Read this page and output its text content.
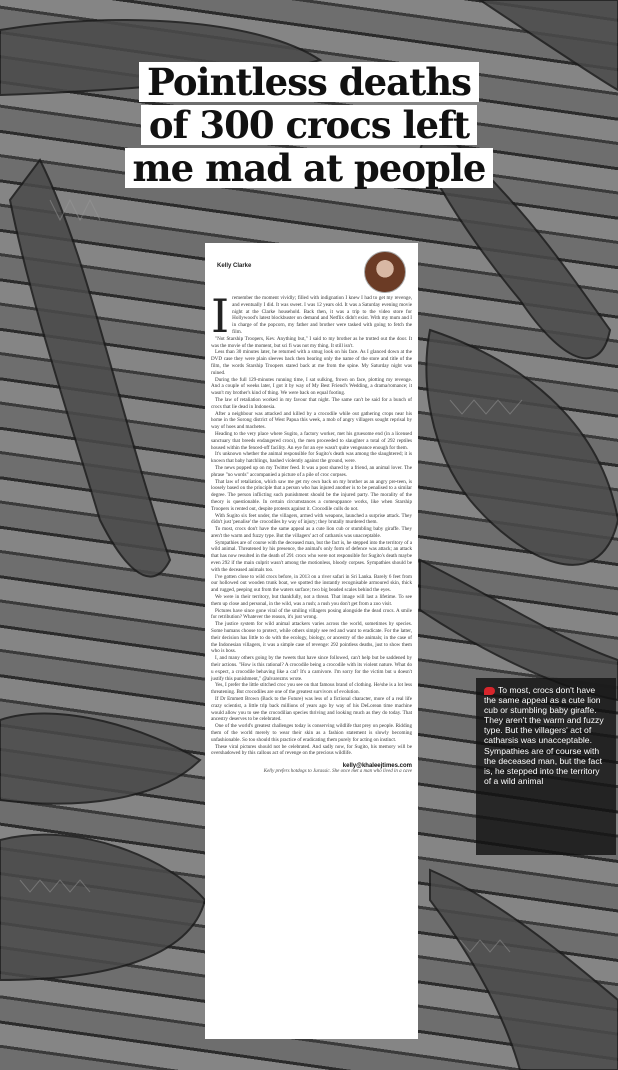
Pointless deaths
of 300 crocs left
me mad at people
Kelly Clarke
I remember the moment vividly; filled with indignation I knew I had to get my revenge, and eventually I did. It was sweet. I was 12 years old. It was a Saturday evening movie night at the Clarke household. Back then, it was a trip to the video store for Hollywood's latest blockbuster on demand and Netflix didn't exist. With my mum and I in charge of the popcorn, my father and brother were tasked with going to fetch the film.

"Not Starship Troopers, Kev. Anything but," I said to my brother as he trotted out the door. It was the movie of the moment, but sci fi was not my thing. It still isn't.

Less than 30 minutes later, he returned with a smug look on his face. As I glanced down at the DVD case they were plain sleeves back then bearing only the name of the store and title of the film, the words Starship Troopers stared back at me from the spine. My Saturday night was ruined.

During the full 129-minutes running time, I sat sulking, frown on face, plotting my revenge. And a couple of weeks later, I got it by way of My Best Friend's Wedding, a drama/romance; it wasn't my brother's kind of thing. We were back on equal footing.

The law of retaliation worked in my favour that night. The same can't be said for a bunch of crocs that lie dead in Indonesia.

After a neighbour was attacked and killed by a crocodile while out gathering crops near his home in the Sorong district of West Papua this week, a mob of angry villagers sought reprisal by way of hoes and machetes.

Heading to the very place where Sugito, a factory worker, met his gruesome end (in a licensed sanctuary that breeds endangered crocs), the men proceeded to slaughter a total of 292 reptiles housed within the fenced-off facility. An eye for an eye wasn't quite vengeance enough for them.

It's unknown whether the animal responsible for Sugito's death was among the slaughtered; it is known that baby hatchlings, bashed violently against the ground, were.

The news popped up on my Twitter feed. It was a post shared by a friend, an animal lover. The phrase "no words" accompanied a picture of a pile of croc corpses.

That law of retaliation, which saw me get my own back on my brother as an angry pre-teen, is loosely based on the principle that a person who has injured another is to be penalised to a similar degree. The person inflicting such punishment should be the injured party. The morality of the theory is questionable. In certain circumstances a comeuppance works, like when Starship Troopers is rented out, despite protests against it. Crocodile culls do not.

With Sugito six feet under, the villagers, armed with weapons, launched a surprise attack. They didn't just 'penalise' the crocodiles by way of injury; they brutally murdered them.

To most, crocs don't have the same appeal as a cute lion cub or stumbling baby giraffe. They aren't the warm and fuzzy type. But the villagers' act of catharsis was unacceptable.

Sympathies are of course with the deceased man, but the fact is, he stepped into the territory of a wild animal. Threatened by his presence, the animal's only form of defence was attack; an attack that has now resulted in the death of 291 crocs who were not responsible for Sugito's death maybe even 292 if the main culprit wasn't among the motionless, bloody corpses. Sympathies should be with the deceased animals too.

I've gotten close to wild crocs before, in 2013 on a river safari in Sri Lanka. Barely 6 feet from our hollowed out wooden trunk boat, we spotted the instantly recognisable armoured skin, thick and rugged, peeping out from the waters surface; two big beaded scales behind the eyes.

We were in their territory, but thankfully, not a threat. That image will last a lifetime. To see them up close and personal, in the wild, was a rush; a rush you don't get from a zoo visit.

Pictures have since gone viral of the smiling villagers posing alongside the dead crocs. A smile for retribution? Whatever the reason, it's just wrong.

The justice system for wild animal attackers varies across the world, sometimes by species. Some humans choose to protect, while others simply see red and want to eradicate. For the latter, their decision has little to do with the ecology, biology, or ancestry of the animals; in the case of the Indonesian villagers, it was a simple case of revenge: 292 pointless deaths, just to show them who is boss.

I, and many others going by the tweets that have since followed, can't help but be saddened by their actions. "How is this rational? A crocodile being a crocodile with its violent nature. What do u expect, a crocodile behaving like a cat? It's a carnivore. I'm sorry for the victim but u doesn't justify this punishment," @alvarezmx wrote.

Yes, I prefer the little stitched croc you see on that famous brand of clothing. He/she is a lot less threatening. But crocodiles are one of the greatest survivors of evolution.

If Dr Emmett Brown (Back to the Future) was less of a fictional character, more of a real life crazy scientist, a little trip back millions of years ago by way of his DeLorean time machine would allow you to see the crocodilian species thriving and looking much as they do today. That ancestry deserves to be celebrated.

One of the world's greatest challenges today is conserving wildlife that prey on people. Ridding them of the world merely to wear their skin as a fashion statement is slowly becoming unfashionable. So too should this practice of eradicating them purely for acting on instinct.

These viral pictures should not be celebrated. And sadly now, for Sugito, his memory will be overshadowed by this callous act of revenge on the precious wildlife.

kelly@khaleejtimes.com
Kelly prefers hotdogs to Jurassic. She once met a man who lived in a cave
To most, crocs don't have the same appeal as a cute lion cub or stumbling baby giraffe. They aren't the warm and fuzzy type. But the villagers' act of catharsis was unacceptable. Sympathies are of course with the deceased man, but the fact is, he stepped into the territory of a wild animal
